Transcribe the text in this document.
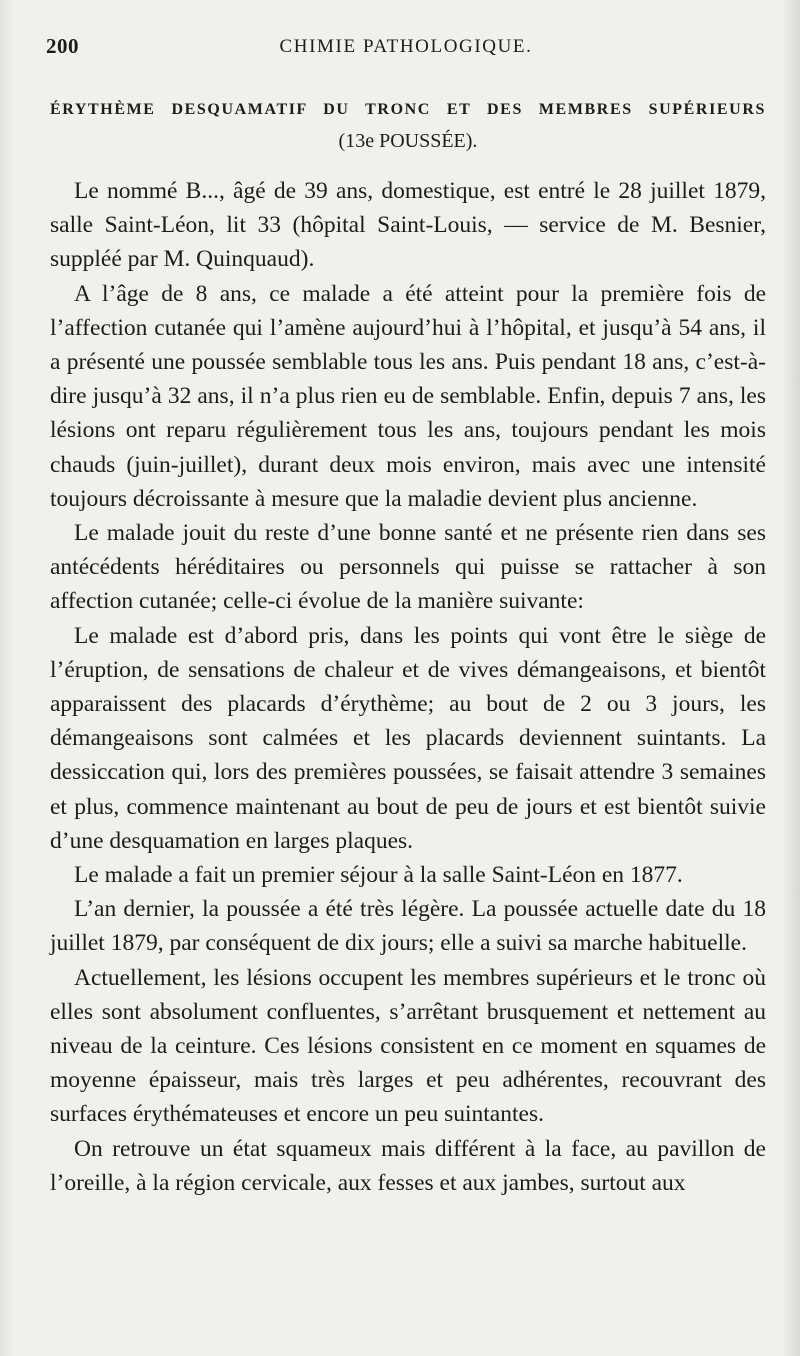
200	CHIMIE PATHOLOGIQUE.
ÉRYTHÈME DESQUAMATIF DU TRONC ET DES MEMBRES SUPÉRIEURS
(13e POUSSÉE).

Le nommé B..., âgé de 39 ans, domestique, est entré le 28 juillet 1879, salle Saint-Léon, lit 33 (hôpital Saint-Louis, — service de M. Besnier, suppléé par M. Quinquaud).

A l’âge de 8 ans, ce malade a été atteint pour la première fois de l’affection cutanée qui l’amène aujourd’hui à l’hôpital, et jusqu’à 54 ans, il a présenté une poussée semblable tous les ans. Puis pendant 18 ans, c’est-à-dire jusqu’à 32 ans, il n’a plus rien eu de semblable. Enfin, depuis 7 ans, les lésions ont reparu régulièrement tous les ans, toujours pendant les mois chauds (juin-juillet), durant deux mois environ, mais avec une intensité toujours décroissante à mesure que la maladie devient plus ancienne.

Le malade jouit du reste d’une bonne santé et ne présente rien dans ses antécédents héréditaires ou personnels qui puisse se rattacher à son affection cutanée; celle-ci évolue de la manière suivante:

Le malade est d’abord pris, dans les points qui vont être le siège de l’éruption, de sensations de chaleur et de vives démangeaisons, et bientôt apparaissent des placards d’érythème; au bout de 2 ou 3 jours, les démangeaisons sont calmées et les placards deviennent suintants. La dessiccation qui, lors des premières poussées, se faisait attendre 3 semaines et plus, commence maintenant au bout de peu de jours et est bientôt suivie d’une desquamation en larges plaques.

Le malade a fait un premier séjour à la salle Saint-Léon en 1877.

L’an dernier, la poussée a été très légère. La poussée actuelle date du 18 juillet 1879, par conséquent de dix jours; elle a suivi sa marche habituelle.

Actuellement, les lésions occupent les membres supérieurs et le tronc où elles sont absolument confluentes, s’arrêtant brusquement et nettement au niveau de la ceinture. Ces lésions consistent en ce moment en squames de moyenne épaisseur, mais très larges et peu adhérentes, recouvrant des surfaces érythémateuses et encore un peu suintantes.

On retrouve un état squameux mais différent à la face, au pavillon de l’oreille, à la région cervicale, aux fesses et aux jambes, surtout aux
